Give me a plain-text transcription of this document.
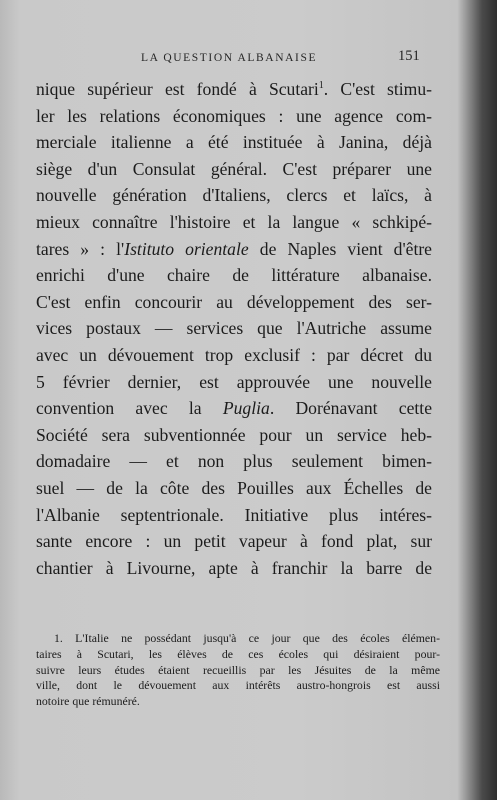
LA QUESTION ALBANAISE	151
nique supérieur est fondé à Scutari$^1$. C'est stimu-
ler les relations économiques : une agence com-
merciale italienne a été instituée à Janina, déjà
siège d'un Consulat général. C'est préparer une
nouvelle génération d'Italiens, clercs et laïcs, à
mieux connaître l'histoire et la langue « schkipé-
tares » : l'Istituto orientale de Naples vient d'être
enrichi d'une chaire de littérature albanaise.
C'est enfin concourir au développement des ser-
vices postaux — services que l'Autriche assume
avec un dévouement trop exclusif : par décret du
5 février dernier, est approuvée une nouvelle
convention avec la Puglia. Dorénavant cette
Société sera subventionnée pour un service heb-
domadaire — et non plus seulement bimen-
suel — de la côte des Pouilles aux Échelles de
l'Albanie septentrionale. Initiative plus intéres-
sante encore : un petit vapeur à fond plat, sur
chantier à Livourne, apte à franchir la barre de
1. L'Italie ne possédant jusqu'à ce jour que des écoles élémen-
taires à Scutari, les élèves de ces écoles qui désiraient pour-
suivre leurs études étaient recueillis par les Jésuites de la même
ville, dont le dévouement aux intérêts austro-hongrois est aussi
notoire que rémunéré.
